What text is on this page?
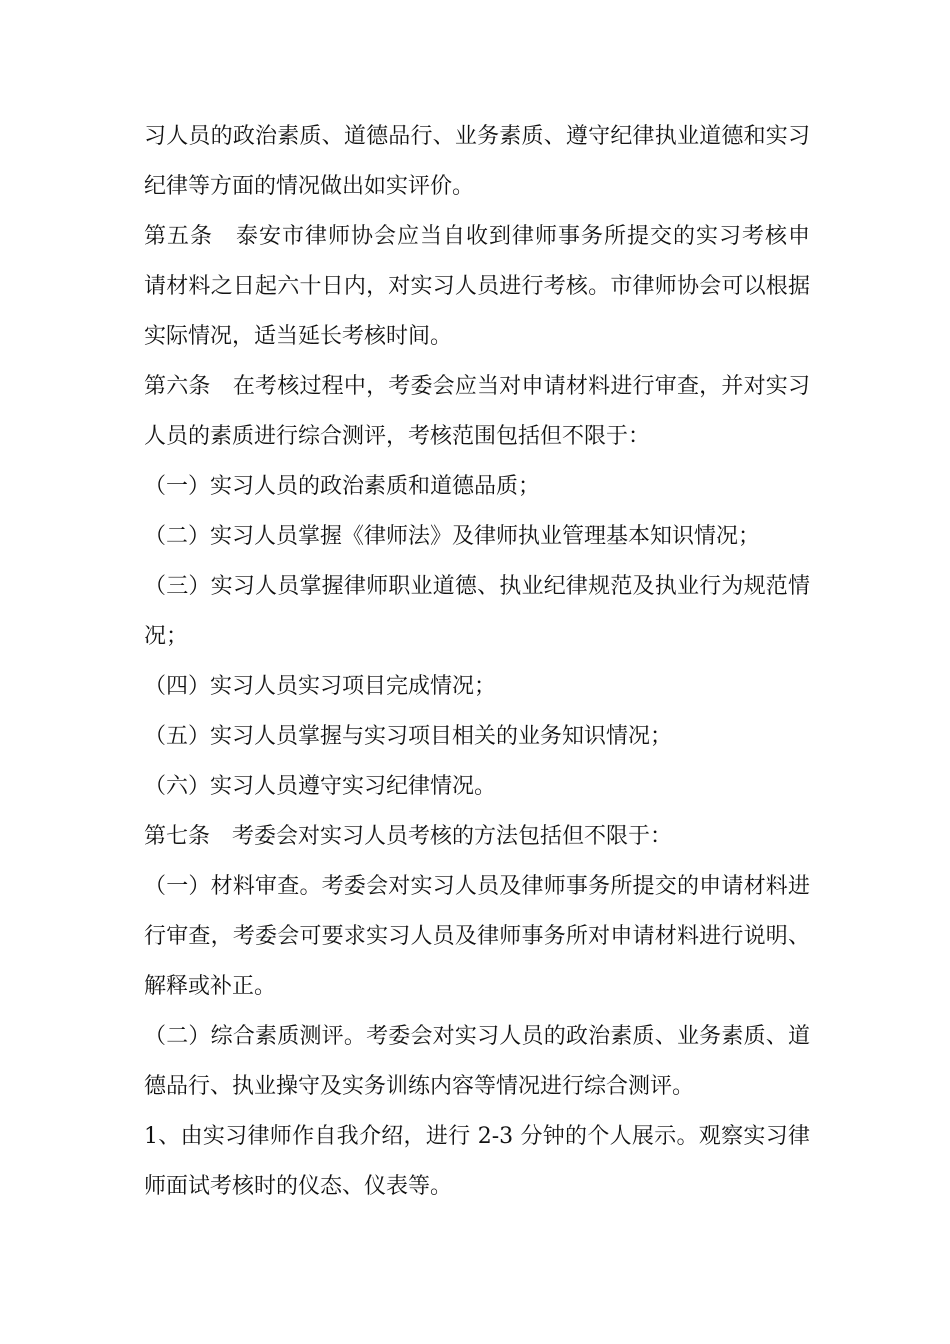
习人员的政治素质、道德品行、业务素质、遵守纪律执业道德和实习

纪律等方面的情况做出如实评价。

第五条　泰安市律师协会应当自收到律师事务所提交的实习考核申

请材料之日起六十日内，对实习人员进行考核。市律师协会可以根据

实际情况，适当延长考核时间。

第六条　在考核过程中，考委会应当对申请材料进行审查，并对实习

人员的素质进行综合测评，考核范围包括但不限于：

（一）实习人员的政治素质和道德品质；

（二）实习人员掌握《律师法》及律师执业管理基本知识情况；

（三）实习人员掌握律师职业道德、执业纪律规范及执业行为规范情

况；

（四）实习人员实习项目完成情况；

（五）实习人员掌握与实习项目相关的业务知识情况；

（六）实习人员遵守实习纪律情况。

第七条　考委会对实习人员考核的方法包括但不限于：

（一）材料审查。考委会对实习人员及律师事务所提交的申请材料进

行审查，考委会可要求实习人员及律师事务所对申请材料进行说明、

解释或补正。

（二）综合素质测评。考委会对实习人员的政治素质、业务素质、道

德品行、执业操守及实务训练内容等情况进行综合测评。

1、由实习律师作自我介绍，进行 2-3 分钟的个人展示。观察实习律

师面试考核时的仪态、仪表等。
